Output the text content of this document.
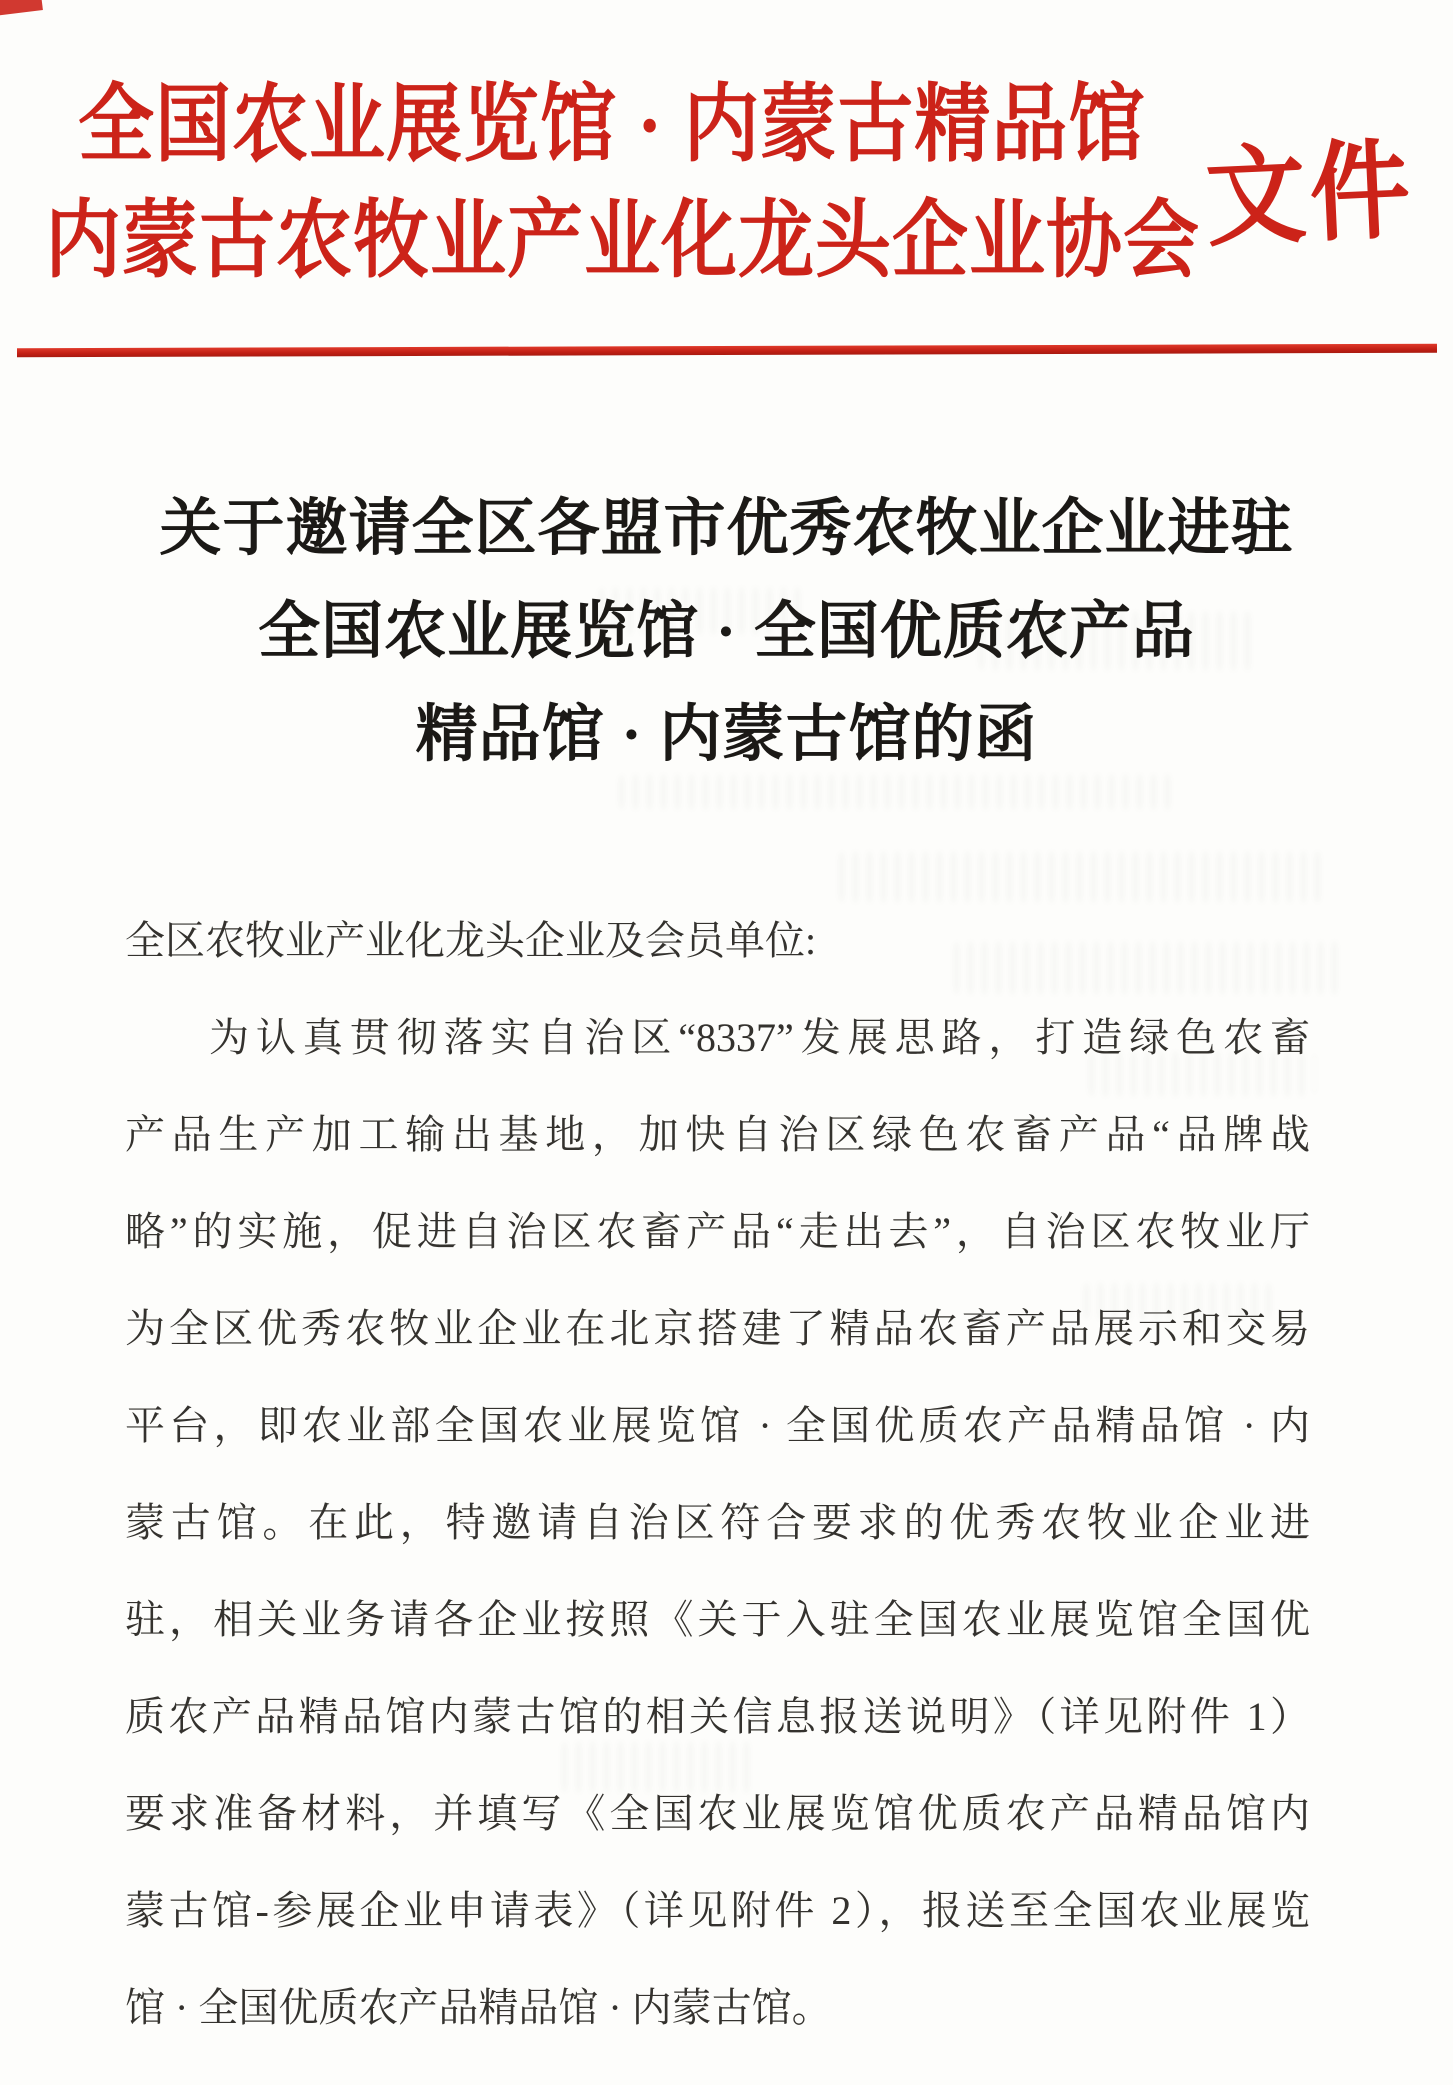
全国农业展览馆 · 内蒙古精品馆
内蒙古农牧业产业化龙头企业协会 文件
关于邀请全区各盟市优秀农牧业企业进驻
全国农业展览馆 · 全国优质农产品
精品馆 · 内蒙古馆的函
全区农牧业产业化龙头企业及会员单位:
为认真贯彻落实自治区“8337”发展思路，打造绿色农畜
产品生产加工输出基地，加快自治区绿色农畜产品“品牌战
略”的实施，促进自治区农畜产品“走出去”，自治区农牧业厅
为全区优秀农牧业企业在北京搭建了精品农畜产品展示和交易
平台，即农业部全国农业展览馆 · 全国优质农产品精品馆 · 内
蒙古馆。在此，特邀请自治区符合要求的优秀农牧业企业进
驻，相关业务请各企业按照《关于入驻全国农业展览馆全国优
质农产品精品馆内蒙古馆的相关信息报送说明》（详见附件 1）
要求准备材料，并填写《全国农业展览馆优质农产品精品馆内
蒙古馆-参展企业申请表》（详见附件 2），报送至全国农业展览
馆 · 全国优质农产品精品馆 · 内蒙古馆。
